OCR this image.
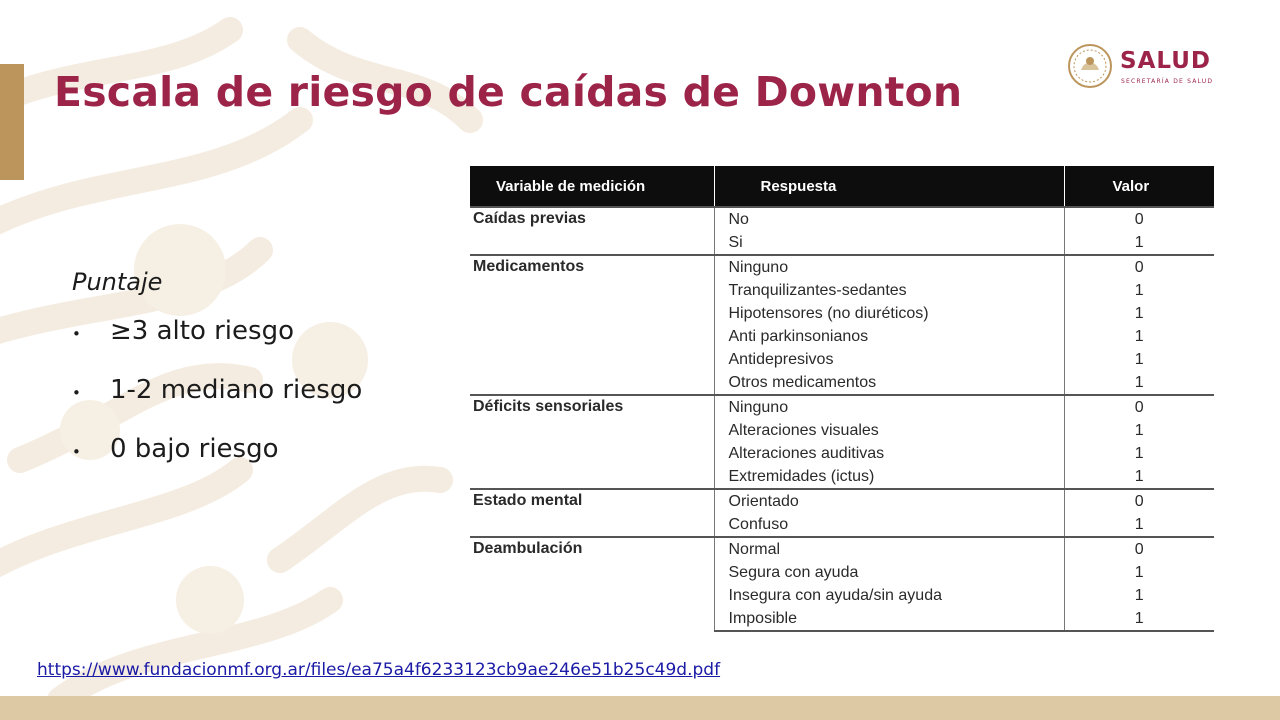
Escala de riesgo de caídas de Downton
SALUD
SECRETARÍA DE SALUD

Puntaje

• ≥3 alto riesgo
• 1-2 mediano riesgo
• 0 bajo riesgo
Variable de medición	Respuesta	Valor
Caídas previas	No	0
	Si	1
Medicamentos	Ninguno	0
	Tranquilizantes-sedantes	1
	Hipotensores (no diuréticos)	1
	Anti parkinsonianos	1
	Antidepresivos	1
	Otros medicamentos	1
Déficits sensoriales	Ninguno	0
	Alteraciones visuales	1
	Alteraciones auditivas	1
	Extremidades (ictus)	1
Estado mental	Orientado	0
	Confuso	1
Deambulación	Normal	0
	Segura con ayuda	1
	Insegura con ayuda/sin ayuda	1
	Imposible	1
https://www.fundacionmf.org.ar/files/ea75a4f6233123cb9ae246e51b25c49d.pdf
